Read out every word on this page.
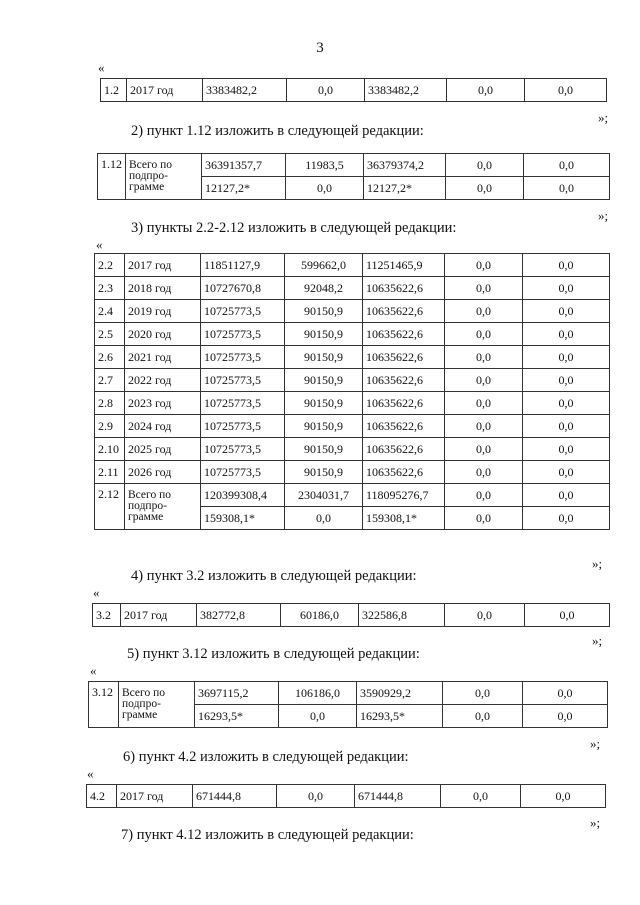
3
«
1.2	2017 год	3383482,2	0,0	3383482,2	0,0	0,0
»;
2) пункт 1.12 изложить в следующей редакции:
1.12	Всего по подпро-грамме	36391357,7	11983,5	36379374,2	0,0	0,0
		12127,2*	0,0	12127,2*	0,0	0,0
»;
3) пункты 2.2-2.12 изложить в следующей редакции:
«
2.2	2017 год	11851127,9	599662,0	11251465,9	0,0	0,0
2.3	2018 год	10727670,8	92048,2	10635622,6	0,0	0,0
2.4	2019 год	10725773,5	90150,9	10635622,6	0,0	0,0
2.5	2020 год	10725773,5	90150,9	10635622,6	0,0	0,0
2.6	2021 год	10725773,5	90150,9	10635622,6	0,0	0,0
2.7	2022 год	10725773,5	90150,9	10635622,6	0,0	0,0
2.8	2023 год	10725773,5	90150,9	10635622,6	0,0	0,0
2.9	2024 год	10725773,5	90150,9	10635622,6	0,0	0,0
2.10	2025 год	10725773,5	90150,9	10635622,6	0,0	0,0
2.11	2026 год	10725773,5	90150,9	10635622,6	0,0	0,0
2.12	Всего по подпро-грамме	120399308,4	2304031,7	118095276,7	0,0	0,0
		159308,1*	0,0	159308,1*	0,0	0,0
»;
4) пункт 3.2 изложить в следующей редакции:
«
3.2	2017 год	382772,8	60186,0	322586,8	0,0	0,0
»;
5) пункт 3.12 изложить в следующей редакции:
«
3.12	Всего по подпро-грамме	3697115,2	106186,0	3590929,2	0,0	0,0
		16293,5*	0,0	16293,5*	0,0	0,0
»;
6) пункт 4.2 изложить в следующей редакции:
«
4.2	2017 год	671444,8	0,0	671444,8	0,0	0,0
»;
7) пункт 4.12 изложить в следующей редакции:
